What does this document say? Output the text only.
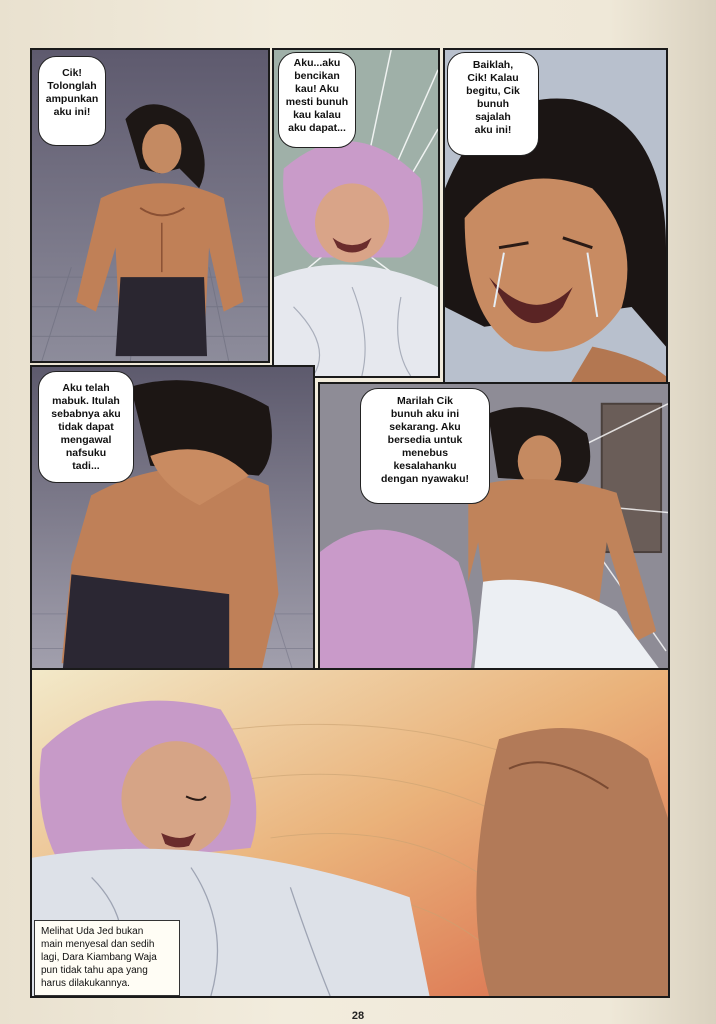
Cik!
Tolonglah
ampunkan
aku ini!
Aku...aku
bencikan
kau! Aku
mesti bunuh
kau kalau
aku dapat...
Baiklah,
Cik! Kalau
begitu, Cik
bunuh
sajalah
aku ini!
Aku telah
mabuk. Itulah
sebabnya aku
tidak dapat
mengawal
nafsuku
tadi...
Marilah Cik
bunuh aku ini
sekarang. Aku
bersedia untuk
menebus
kesalahanku
dengan nyawaku!
Melihat Uda Jed bukan
main menyesal dan sedih
lagi, Dara Kiambang Waja
pun tidak tahu apa yang
harus dilakukannya.
28
